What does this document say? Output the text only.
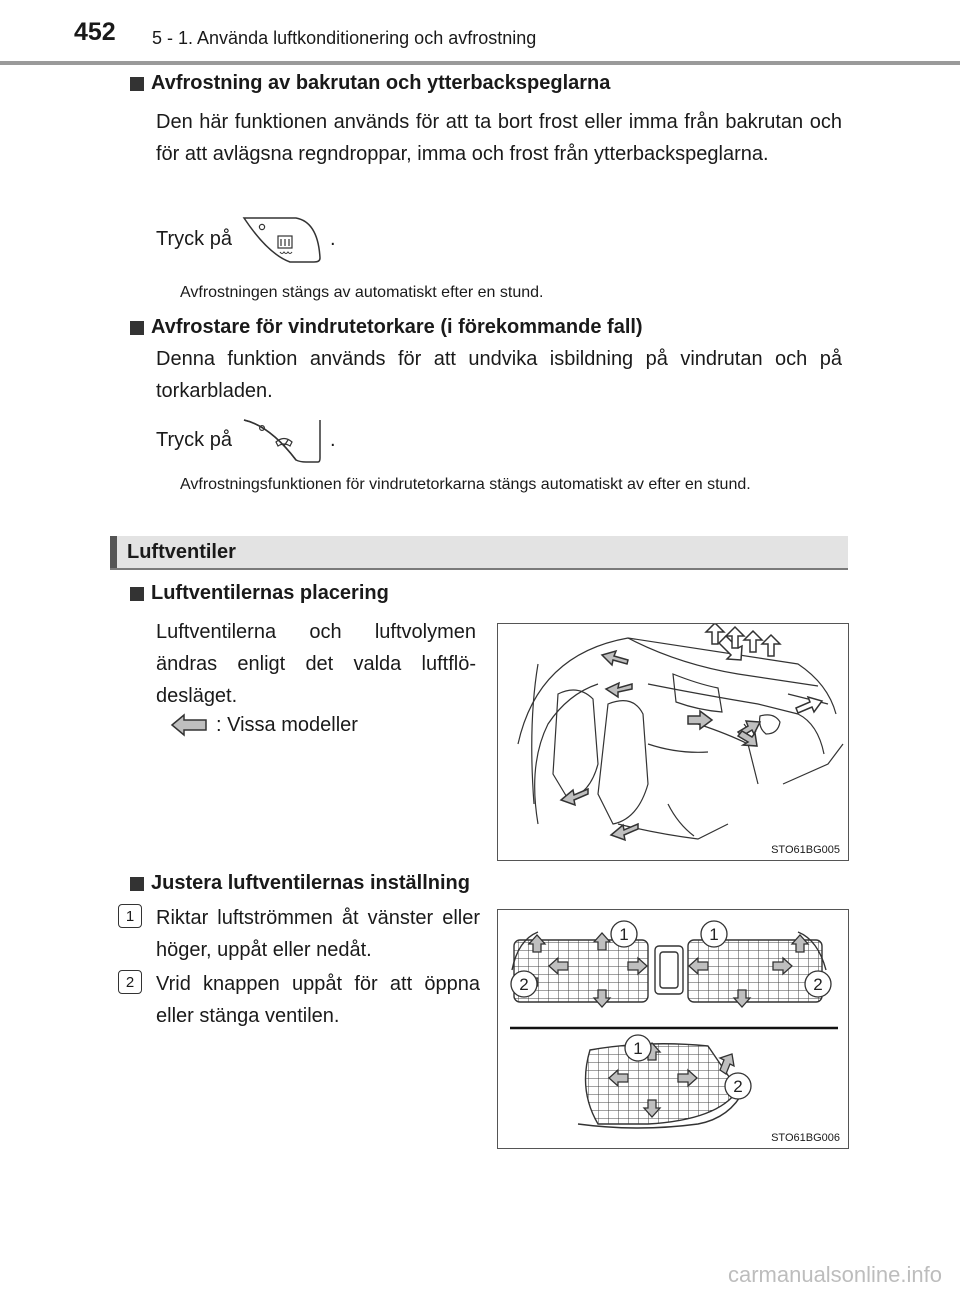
452 5 - 1. Använda luftkonditionering och avfrostning
Avfrostning av bakrutan och ytterbackspeglarna
Den här funktionen används för att ta bort frost eller imma från bakrutan och för att avlägsna regndroppar, imma och frost från ytterbackspeglarna.
Tryck på	.
Avfrostningen stängs av automatiskt efter en stund.
Avfrostare för vindrutetorkare (i förekommande fall)
Denna funktion används för att undvika isbildning på vindrutan och på torkarbladen.
Tryck på	.
Avfrostningsfunktionen för vindrutetorkarna stängs automatiskt av efter en stund.
Luftventiler
Luftventilernas placering
Luftventilerna och luftvolymen ändras enligt det valda luftflödesläget.
: Vissa modeller
STO61BG005
Justera luftventilernas inställning
1	Riktar luftströmmen åt vänster eller höger, uppåt eller nedåt.
2	Vrid knappen uppåt för att öppna eller stänga ventilen.
1	1
2	2
1
2
STO61BG006
carmanualsonline.info
